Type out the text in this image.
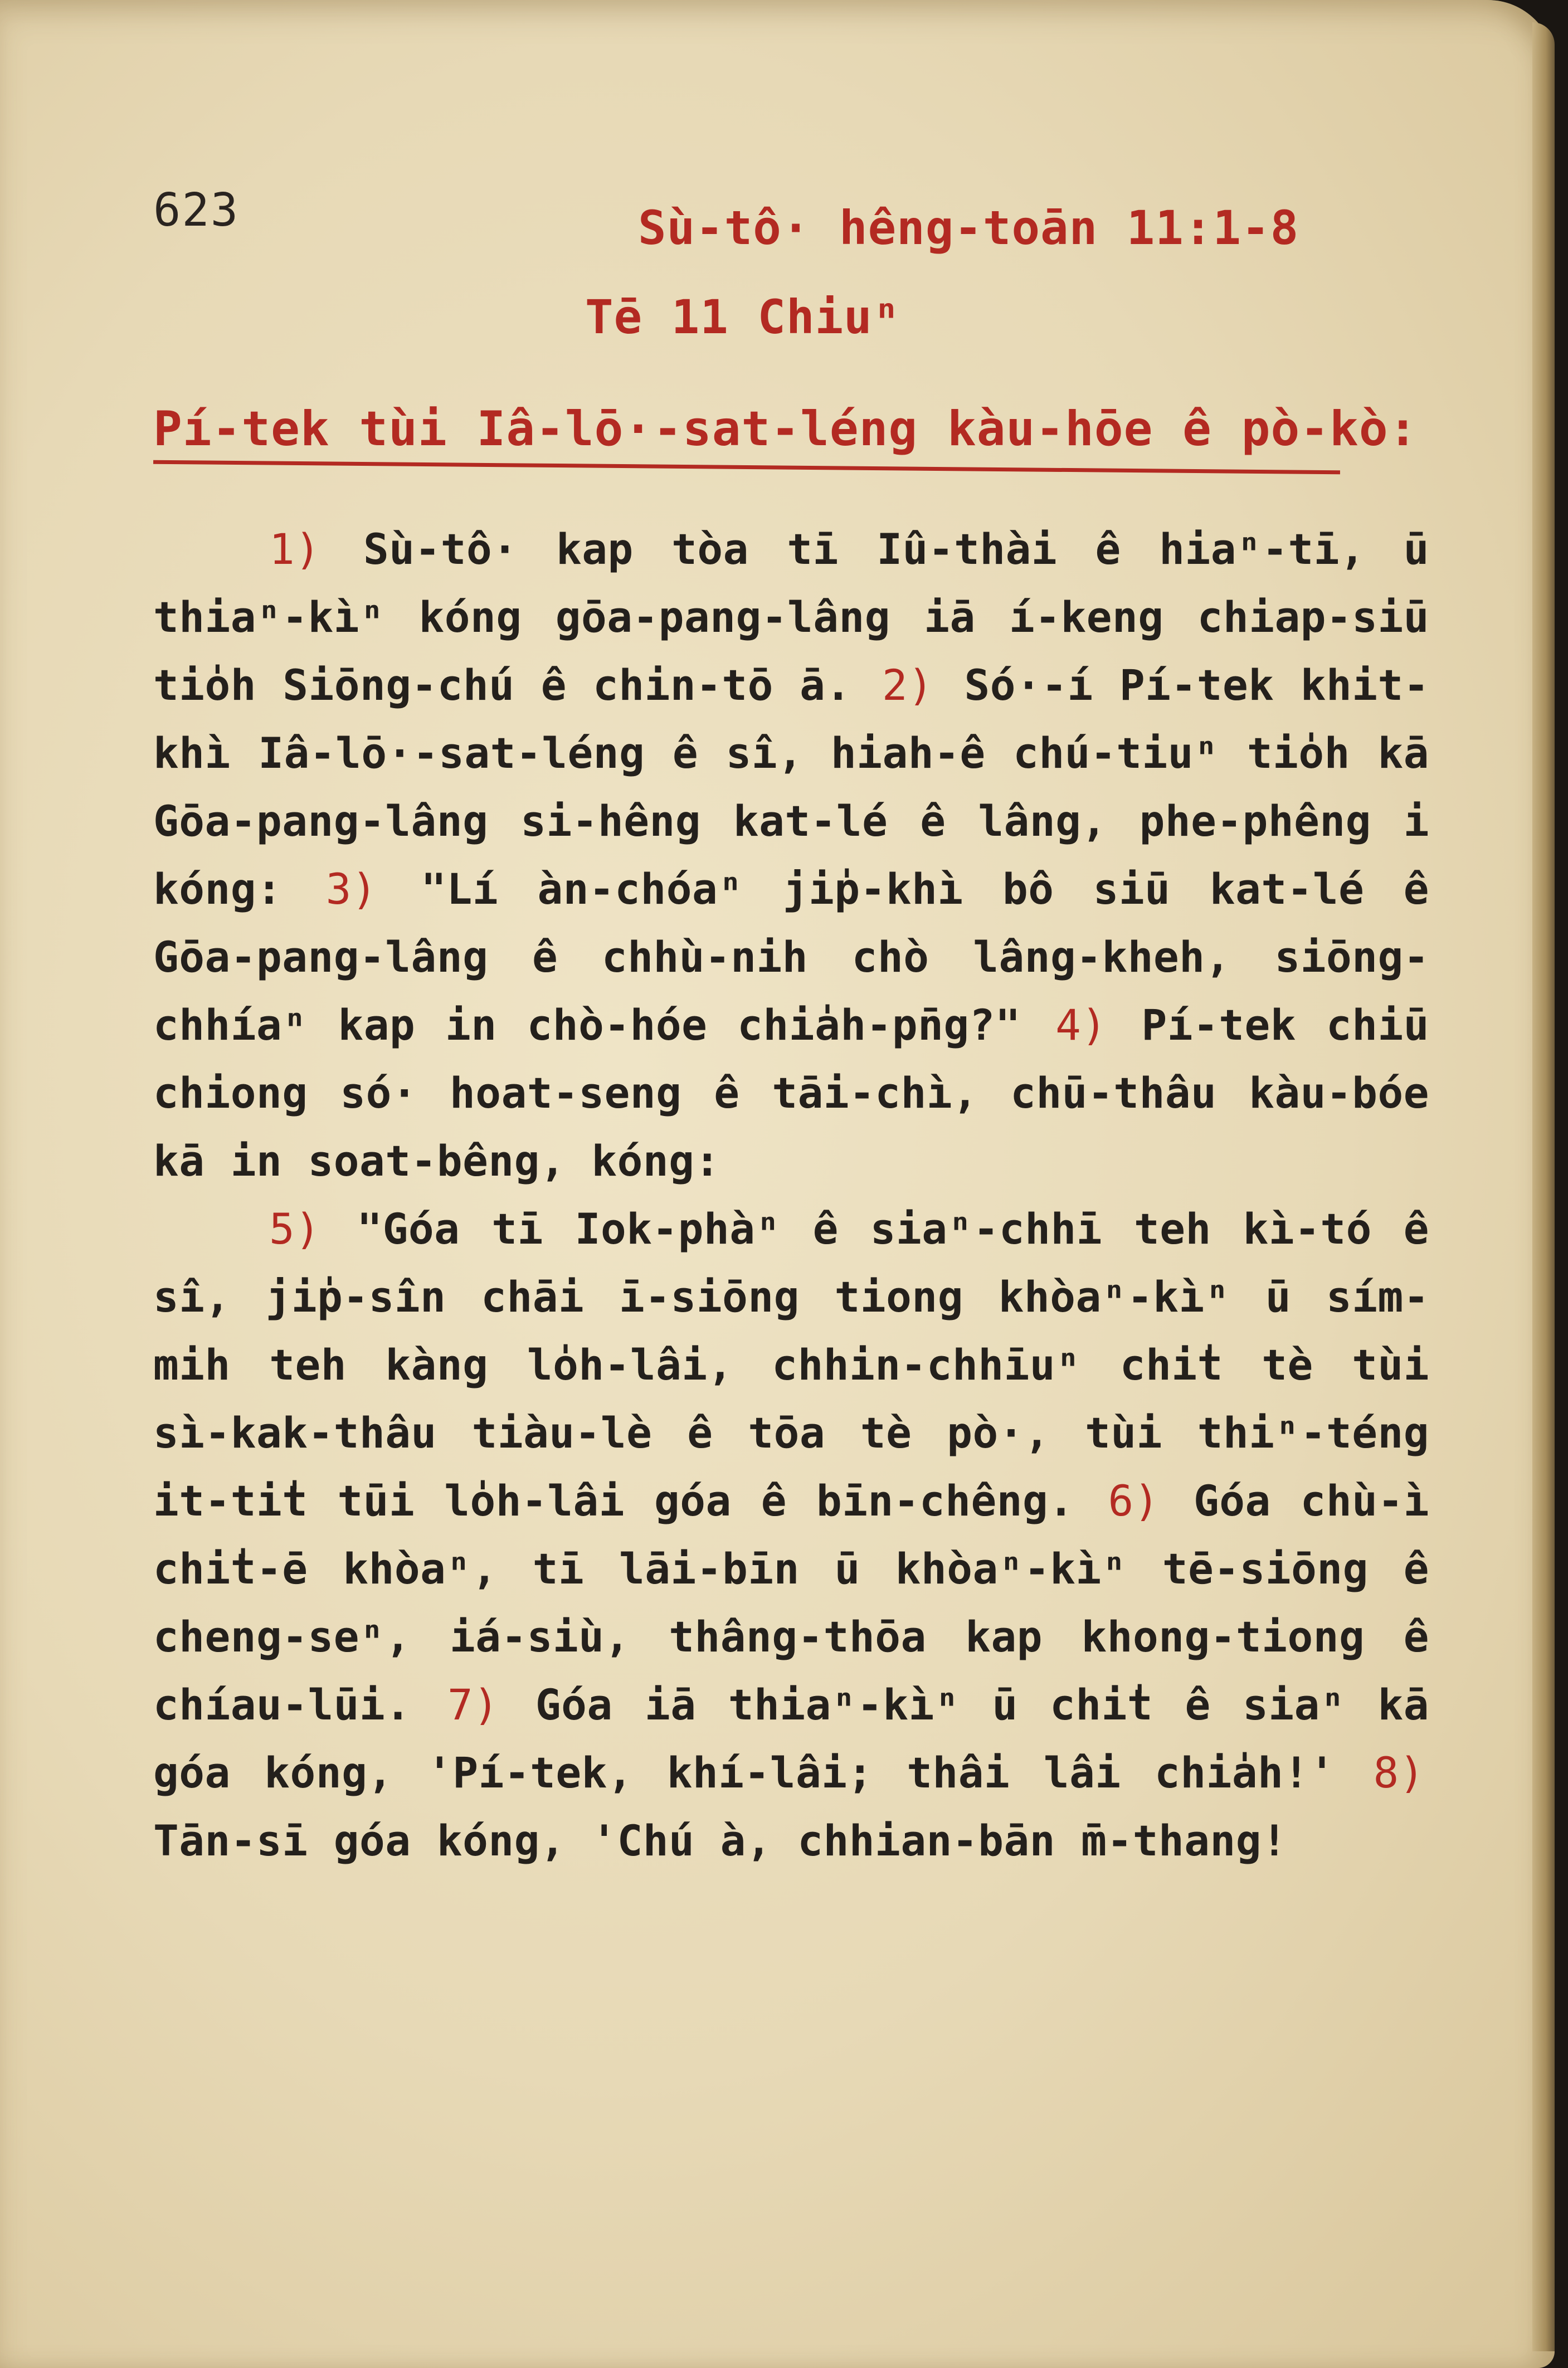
623	Sù-tô· hêng-toān 11:1-8
Tē 11 Chiuⁿ
Pí-tek tùi Iâ-lō·-sat-léng kàu-hōe ê pò-kò:

1) Sù-tô· kap tòa tī Iû-thài ê hiaⁿ-tī, ū thiaⁿ-kìⁿ kóng gōa-pang-lâng iā í-keng chiap-siū tio̍h Siōng-chú ê chin-tō ā. 2) Só·-í Pí-tek khit-khì Iâ-lō·-sat-léng ê sî, hiah-ê chú-tiuⁿ tio̍h kā Gōa-pang-lâng si-hêng kat-lé ê lâng, phe-phêng i kóng: 3) "Lí àn-chóaⁿ ji̍p-khì bô siū kat-lé ê Gōa-pang-lâng ê chhù-nih chò lâng-kheh, siōng-chhíaⁿ kap in chò-hóe chia̍h-pn̄g?" 4) Pí-tek chiū chiong só· hoat-seng ê tāi-chì, chū-thâu kàu-bóe kā in soat-bêng, kóng:

5) "Góa tī Iok-phàⁿ ê siaⁿ-chhī teh kì-tó ê sî, ji̍p-sîn chāi ī-siōng tiong khòaⁿ-kìⁿ ū sím-mih teh kàng lo̍h-lâi, chhin-chhīuⁿ chi̍t tè tùi sì-kak-thâu tiàu-lè ê tōa tè pò·, tùi thiⁿ-téng it-ti̍t tūi lo̍h-lâi góa ê bīn-chêng. 6) Góa chù-ì chi̍t-ē khòaⁿ, tī lāi-bīn ū khòaⁿ-kìⁿ tē-siōng ê cheng-seⁿ, iá-siù, thâng-thōa kap khong-tiong ê chíau-lūi. 7) Góa iā thiaⁿ-kìⁿ ū chi̍t ê siaⁿ kā góa kóng, 'Pí-tek, khí-lâi; thâi lâi chia̍h!' 8) Tān-sī góa kóng, 'Chú à, chhian-bān m̄-thang!
